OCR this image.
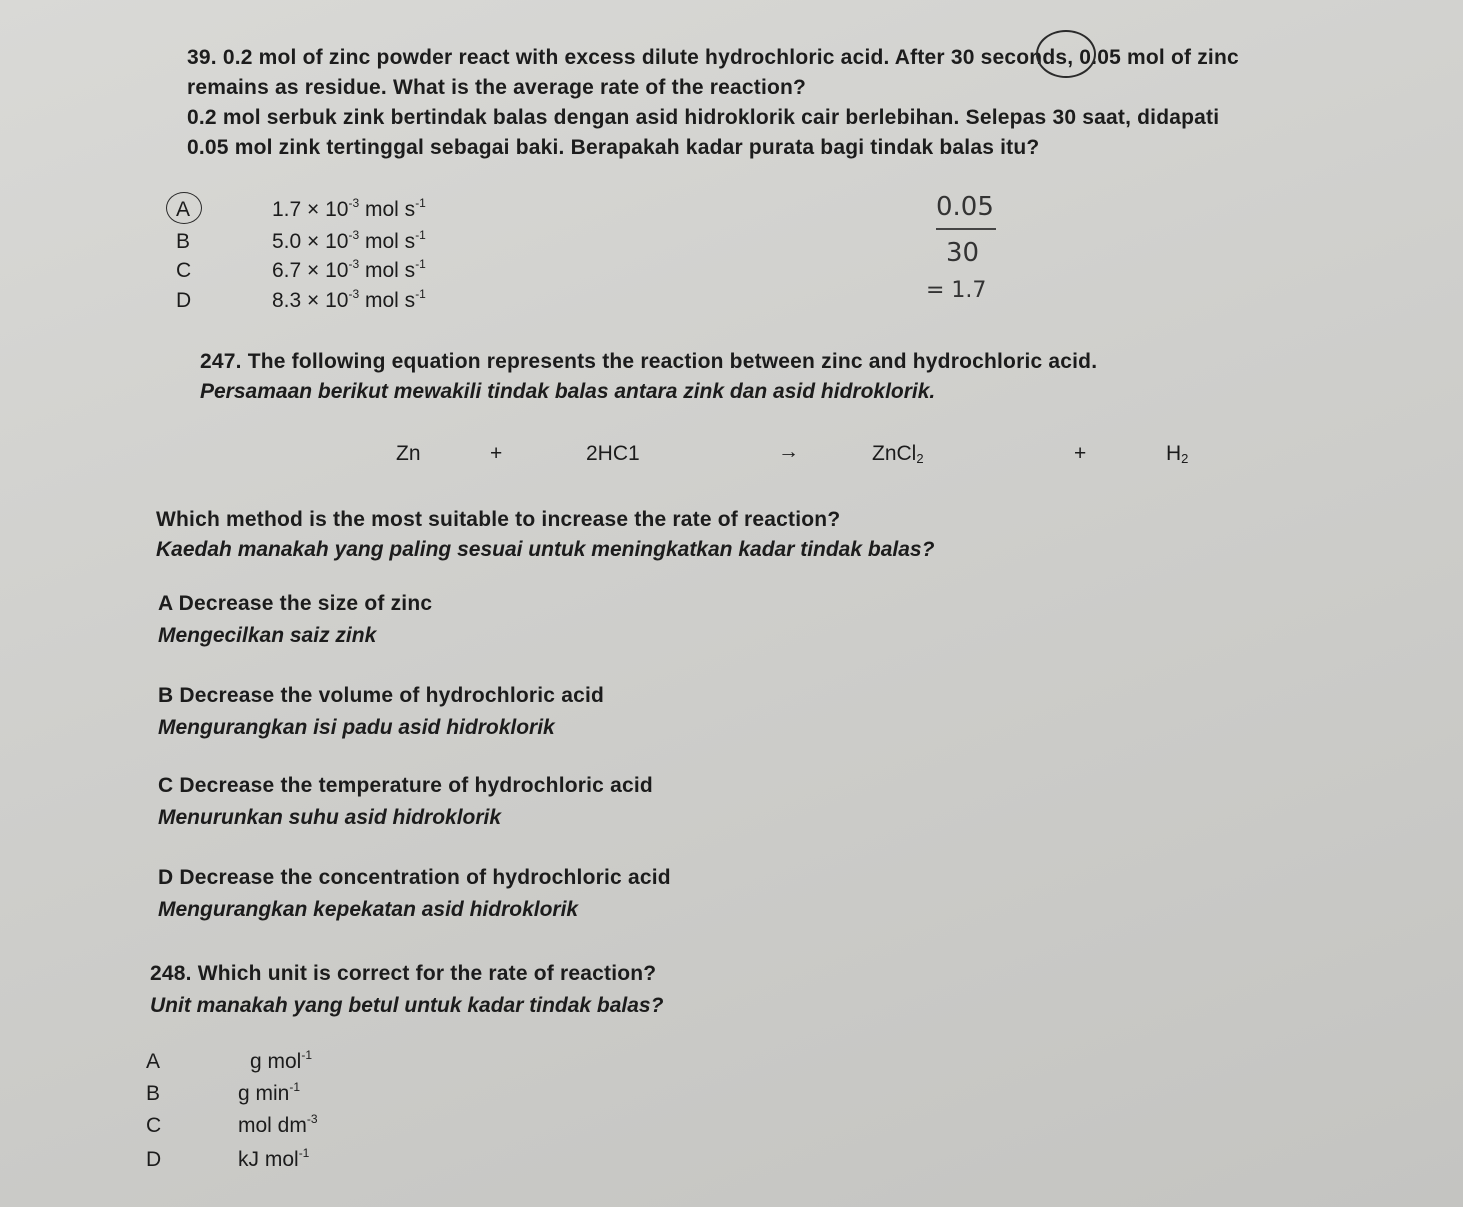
39. 0.2 mol of zinc powder react with excess dilute hydrochloric acid. After 30 seconds, 0.05 mol of zinc
remains as residue. What is the average rate of the reaction?
0.2 mol serbuk zink bertindak balas dengan asid hidroklorik cair berlebihan. Selepas 30 saat, didapati
0.05 mol zink tertinggal sebagai baki. Berapakah kadar purata bagi tindak balas itu?
A	$1.7 \times 10^{-3}$ mol $s^{-1}$
B	$5.0 \times 10^{-3}$ mol $s^{-1}$
C	$6.7 \times 10^{-3}$ mol $s^{-1}$
D	$8.3 \times 10^{-3}$ mol $s^{-1}$
0.05
30
= 1.7
247. The following equation represents the reaction between zinc and hydrochloric acid.
Persamaan berikut mewakili tindak balas antara zink dan asid hidroklorik.
Zn	+	2HC1	→	ZnCl$_2$	+	$H_2$
Which method is the most suitable to increase the rate of reaction?
Kaedah manakah yang paling sesuai untuk meningkatkan kadar tindak balas?
A Decrease the size of zinc
Mengecilkan saiz zink
B Decrease the volume of hydrochloric acid
Mengurangkan isi padu asid hidroklorik
C Decrease the temperature of hydrochloric acid
Menurunkan suhu asid hidroklorik
D Decrease the concentration of hydrochloric acid
Mengurangkan kepekatan asid hidroklorik
248. Which unit is correct for the rate of reaction?
Unit manakah yang betul untuk kadar tindak balas?
A	g mol$^{-1}$
B	g $\min^{-1}$
C	mol $dm^{-3}$
D	kJ mol$^{-1}$
